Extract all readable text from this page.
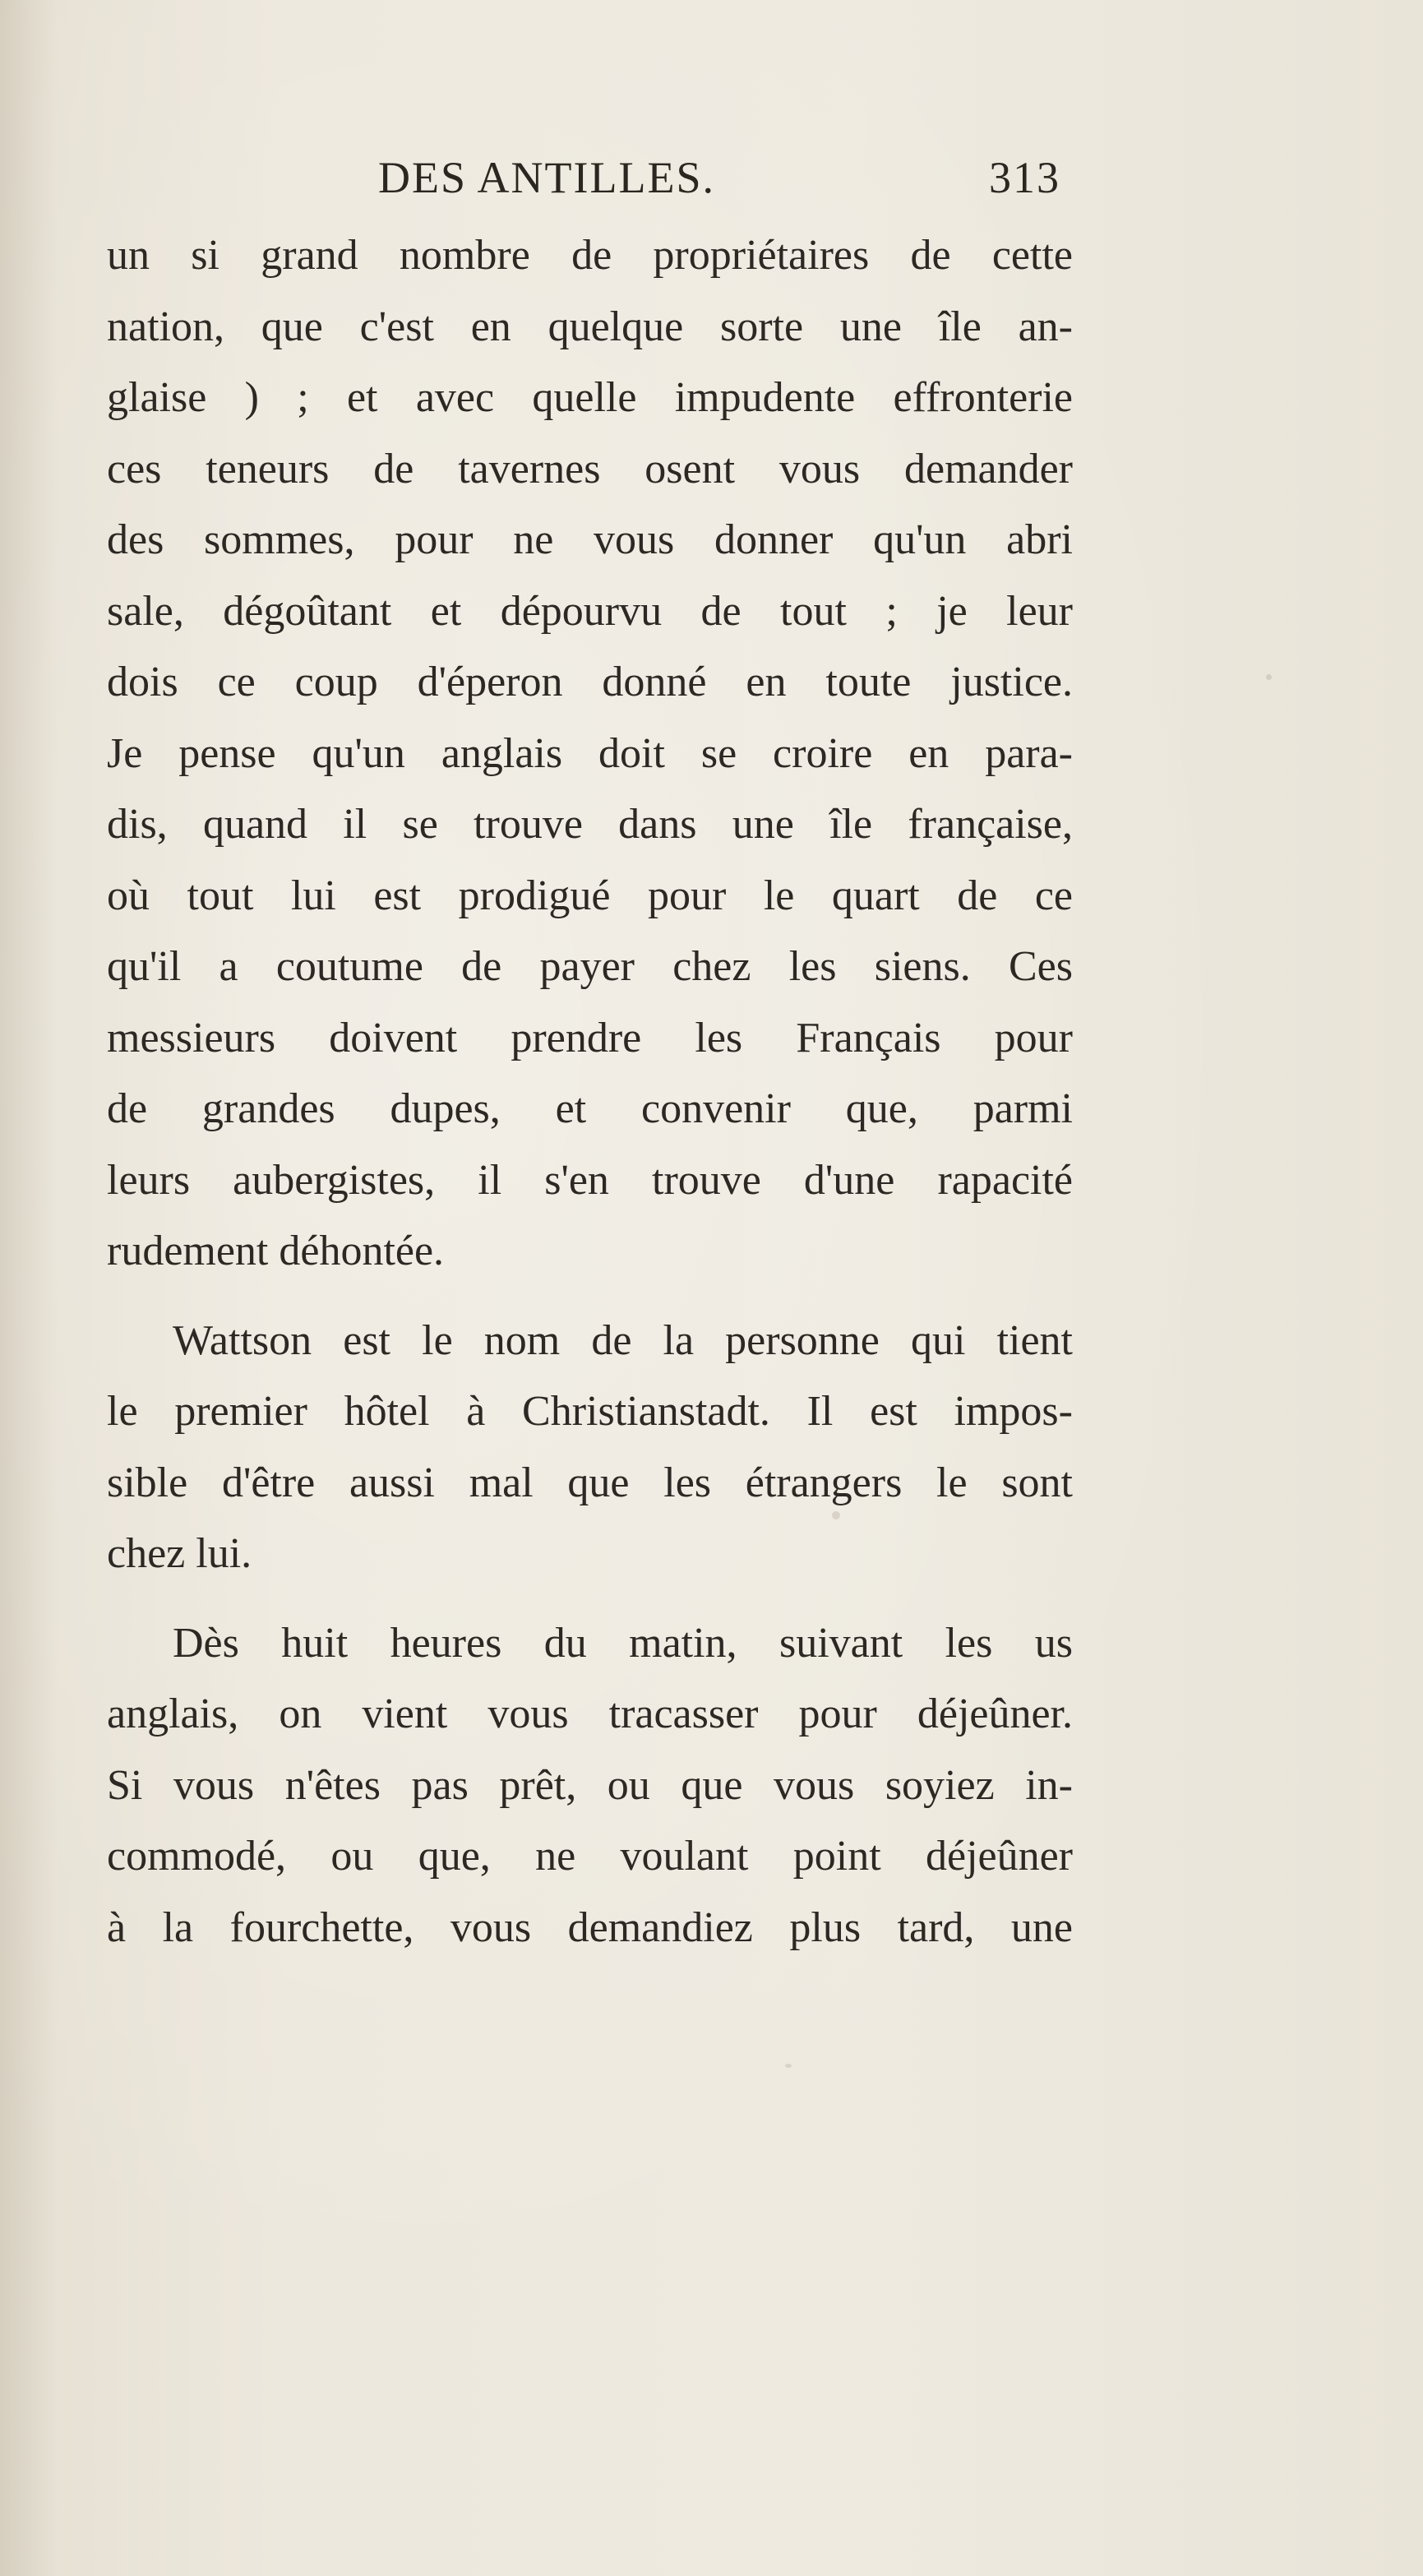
DES ANTILLES.	313
un si grand nombre de propriétaires de cette
nation, que c'est en quelque sorte une île an-
glaise ) ; et avec quelle impudente effronterie
ces teneurs de tavernes osent vous demander
des sommes, pour ne vous donner qu'un abri
sale, dégoûtant et dépourvu de tout ; je leur
dois ce coup d'éperon donné en toute justice.
Je pense qu'un anglais doit se croire en para-
dis, quand il se trouve dans une île française,
où tout lui est prodigué pour le quart de ce
qu'il a coutume de payer chez les siens. Ces
messieurs doivent prendre les Français pour
de grandes dupes, et convenir que, parmi
leurs aubergistes, il s'en trouve d'une rapacité
rudement déhontée.
Wattson est le nom de la personne qui tient
le premier hôtel à Christianstadt. Il est impos-
sible d'être aussi mal que les étrangers le sont
chez lui.
Dès huit heures du matin, suivant les us
anglais, on vient vous tracasser pour déjeûner.
Si vous n'êtes pas prêt, ou que vous soyiez in-
commodé, ou que, ne voulant point déjeûner
à la fourchette, vous demandiez plus tard, une
